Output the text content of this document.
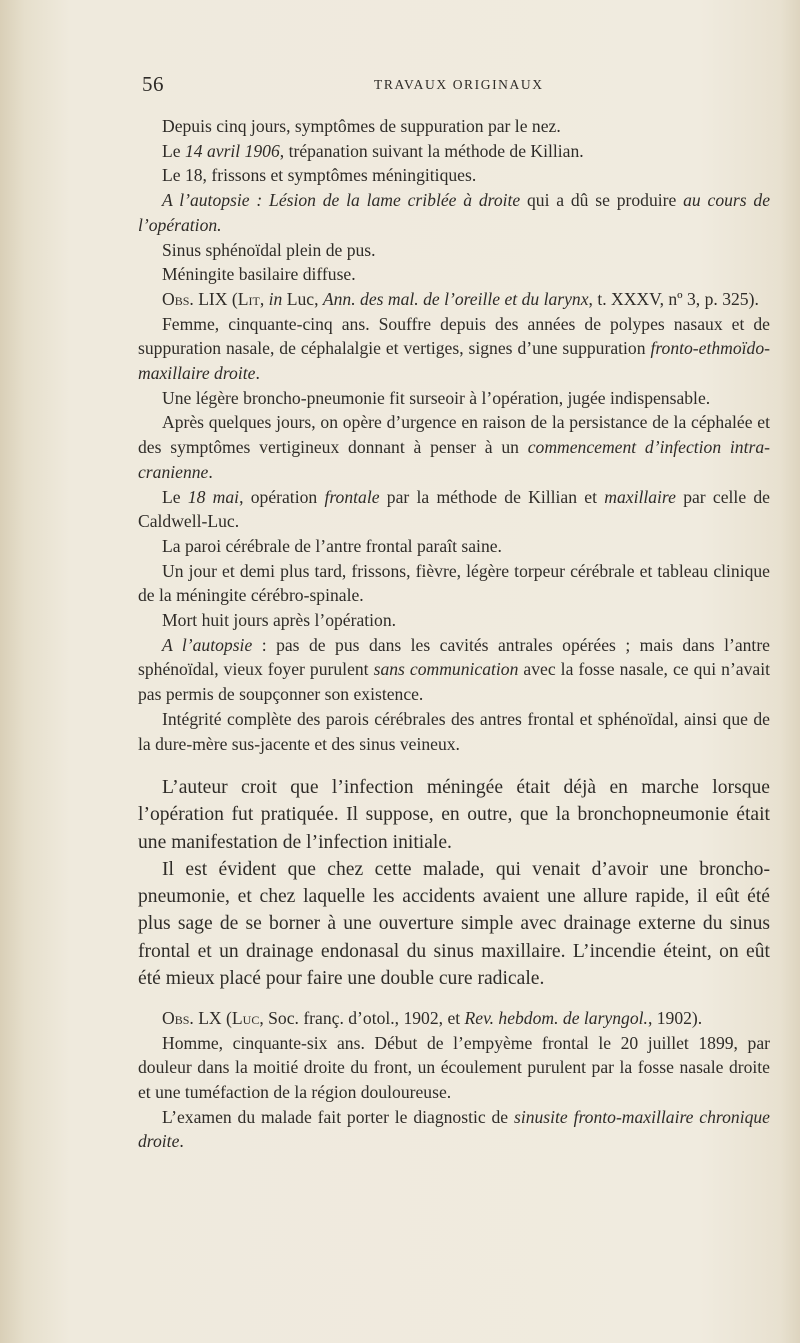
56	TRAVAUX ORIGINAUX

Depuis cinq jours, symptômes de suppuration par le nez.

Le 14 avril 1906, trépanation suivant la méthode de Killian.

Le 18, frissons et symptômes méningitiques.

A l’autopsie : Lésion de la lame criblée à droite qui a dû se produire au cours de l’opération.

Sinus sphénoïdal plein de pus.

Méningite basilaire diffuse.

Obs. LIX (Lit, in Luc, Ann. des mal. de l’oreille et du larynx, t. XXXV, nº 3, p. 325).

Femme, cinquante-cinq ans. Souffre depuis des années de polypes nasaux et de suppuration nasale, de céphalalgie et vertiges, signes d’une suppuration fronto-ethmoïdo-maxillaire droite.

Une légère broncho-pneumonie fit surseoir à l’opération, jugée indispensable.

Après quelques jours, on opère d’urgence en raison de la persistance de la céphalée et des symptômes vertigineux donnant à penser à un commencement d’infection intra-cranienne.

Le 18 mai, opération frontale par la méthode de Killian et maxillaire par celle de Caldwell-Luc.

La paroi cérébrale de l’antre frontal paraît saine.

Un jour et demi plus tard, frissons, fièvre, légère torpeur cérébrale et tableau clinique de la méningite cérébro-spinale.

Mort huit jours après l’opération.

A l’autopsie : pas de pus dans les cavités antrales opérées ; mais dans l’antre sphénoïdal, vieux foyer purulent sans communication avec la fosse nasale, ce qui n’avait pas permis de soupçonner son existence.

Intégrité complète des parois cérébrales des antres frontal et sphénoïdal, ainsi que de la dure-mère sus-jacente et des sinus veineux.

L’auteur croit que l’infection méningée était déjà en marche lorsque l’opération fut pratiquée. Il suppose, en outre, que la bronchopneumonie était une manifestation de l’infection initiale.

Il est évident que chez cette malade, qui venait d’avoir une broncho-pneumonie, et chez laquelle les accidents avaient une allure rapide, il eût été plus sage de se borner à une ouverture simple avec drainage externe du sinus frontal et un drainage endonasal du sinus maxillaire. L’incendie éteint, on eût été mieux placé pour faire une double cure radicale.

Obs. LX (Luc, Soc. franç. d’otol., 1902, et Rev. hebdom. de laryngol., 1902).

Homme, cinquante-six ans. Début de l’empyème frontal le 20 juillet 1899, par douleur dans la moitié droite du front, un écoulement purulent par la fosse nasale droite et une tuméfaction de la région douloureuse.

L’examen du malade fait porter le diagnostic de sinusite fronto-maxillaire chronique droite.
